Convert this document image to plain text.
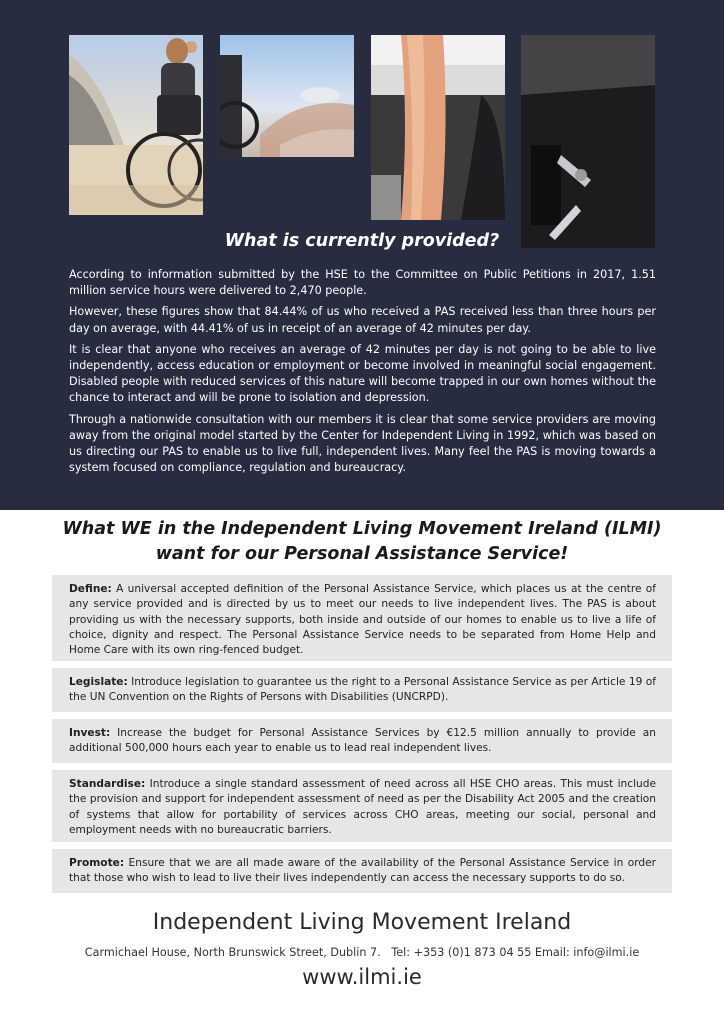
What is currently provided?

According to information submitted by the HSE to the Committee on Public Petitions in 2017, 1.51 million service hours were delivered to 2,470 people.

However, these figures show that 84.44% of us who received a PAS received less than three hours per day on average, with 44.41% of us in receipt of an average of 42 minutes per day.

It is clear that anyone who receives an average of 42 minutes per day is not going to be able to live independently, access education or employment or become involved in meaningful social engagement. Disabled people with reduced services of this nature will become trapped in our own homes without the chance to interact and will be prone to isolation and depression.

Through a nationwide consultation with our members it is clear that some service providers are moving away from the original model started by the Center for Independent Living in 1992, which was based on us directing our PAS to enable us to live full, independent lives. Many feel the PAS is moving towards a system focused on compliance, regulation and bureaucracy.

What WE in the Independent Living Movement Ireland (ILMI)
want for our Personal Assistance Service!
Define: A universal accepted definition of the Personal Assistance Service, which places us at the centre of any service provided and is directed by us to meet our needs to live independent lives. The PAS is about providing us with the necessary supports, both inside and outside of our homes to enable us to live a life of choice, dignity and respect. The Personal Assistance Service needs to be separated from Home Help and Home Care with its own ring-fenced budget.
Legislate: Introduce legislation to guarantee us the right to a Personal Assistance Service as per Article 19 of the UN Convention on the Rights of Persons with Disabilities (UNCRPD).
Invest: Increase the budget for Personal Assistance Services by €12.5 million annually to provide an additional 500,000 hours each year to enable us to lead real independent lives.
Standardise: Introduce a single standard assessment of need across all HSE CHO areas. This must include the provision and support for independent assessment of need as per the Disability Act 2005 and the creation of systems that allow for portability of services across CHO areas, meeting our social, personal and employment needs with no bureaucratic barriers.
Promote: Ensure that we are all made aware of the availability of the Personal Assistance Service in order that those who wish to lead to live their lives independently can access the necessary supports to do so.
Independent Living Movement Ireland
Carmichael House, North Brunswick Street, Dublin 7.   Tel: +353 (0)1 873 04 55 Email: info@ilmi.ie
www.ilmi.ie
